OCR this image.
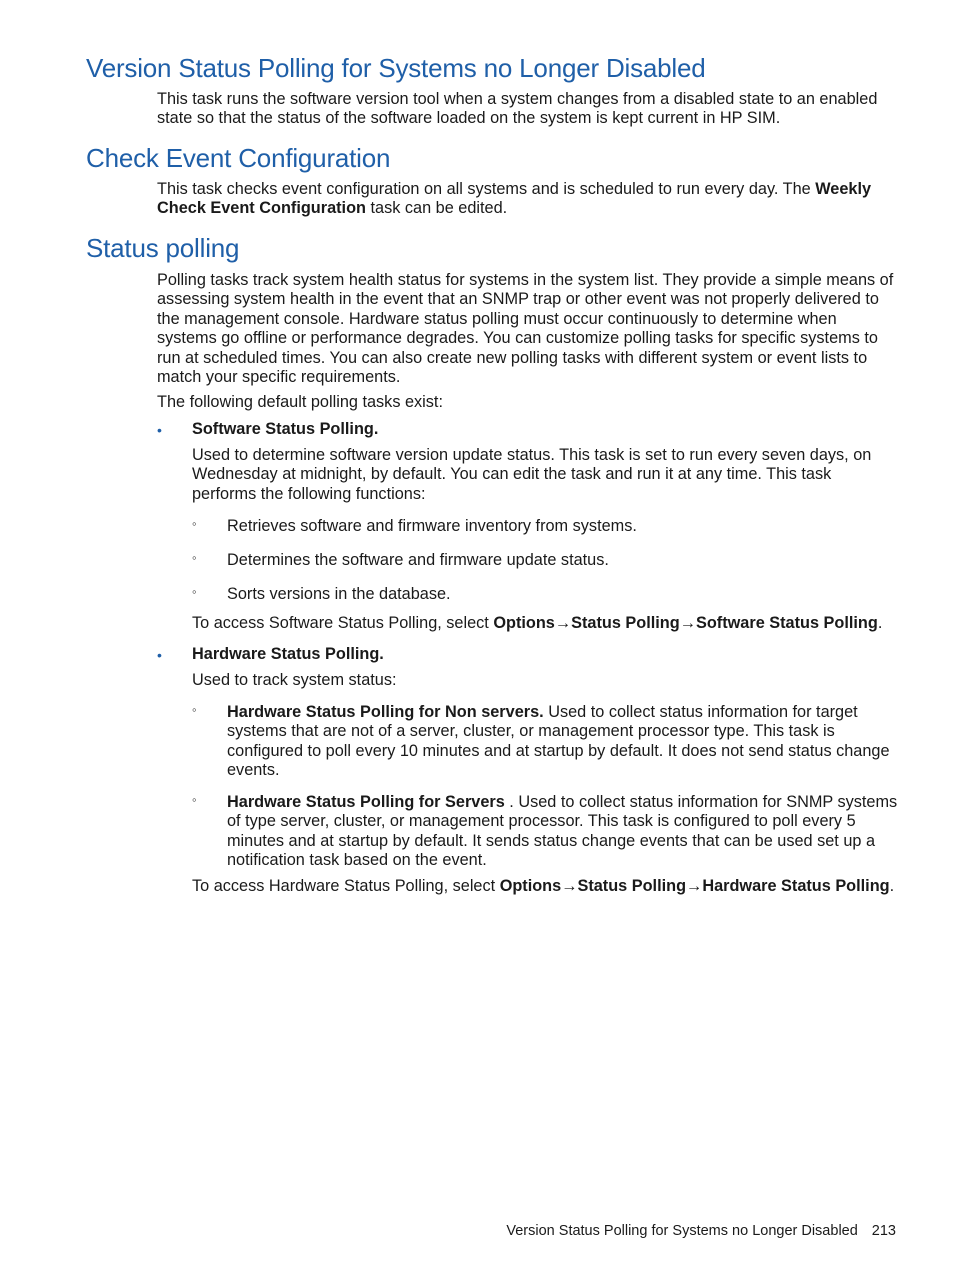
Version Status Polling for Systems no Longer Disabled

This task runs the software version tool when a system changes from a disabled state to an enabled state so that the status of the software loaded on the system is kept current in HP SIM.

Check Event Configuration

This task checks event configuration on all systems and is scheduled to run every day. The Weekly Check Event Configuration task can be edited.

Status polling

Polling tasks track system health status for systems in the system list. They provide a simple means of assessing system health in the event that an SNMP trap or other event was not properly delivered to the management console. Hardware status polling must occur continuously to determine when systems go offline or performance degrades. You can customize polling tasks for specific systems to run at scheduled times. You can also create new polling tasks with different system or event lists to match your specific requirements.

The following default polling tasks exist:

• Software Status Polling.

Used to determine software version update status. This task is set to run every seven days, on Wednesday at midnight, by default. You can edit the task and run it at any time. This task performs the following functions:

◦ Retrieves software and firmware inventory from systems.

◦ Determines the software and firmware update status.

◦ Sorts versions in the database.

To access Software Status Polling, select Options→Status Polling→Software Status Polling.

• Hardware Status Polling.

Used to track system status:

◦ Hardware Status Polling for Non servers. Used to collect status information for target systems that are not of a server, cluster, or management processor type. This task is configured to poll every 10 minutes and at startup by default. It does not send status change events.

◦ Hardware Status Polling for Servers . Used to collect status information for SNMP systems of type server, cluster, or management processor. This task is configured to poll every 5 minutes and at startup by default. It sends status change events that can be used set up a notification task based on the event.

To access Hardware Status Polling, select Options→Status Polling→Hardware Status Polling.

Version Status Polling for Systems no Longer Disabled 213
